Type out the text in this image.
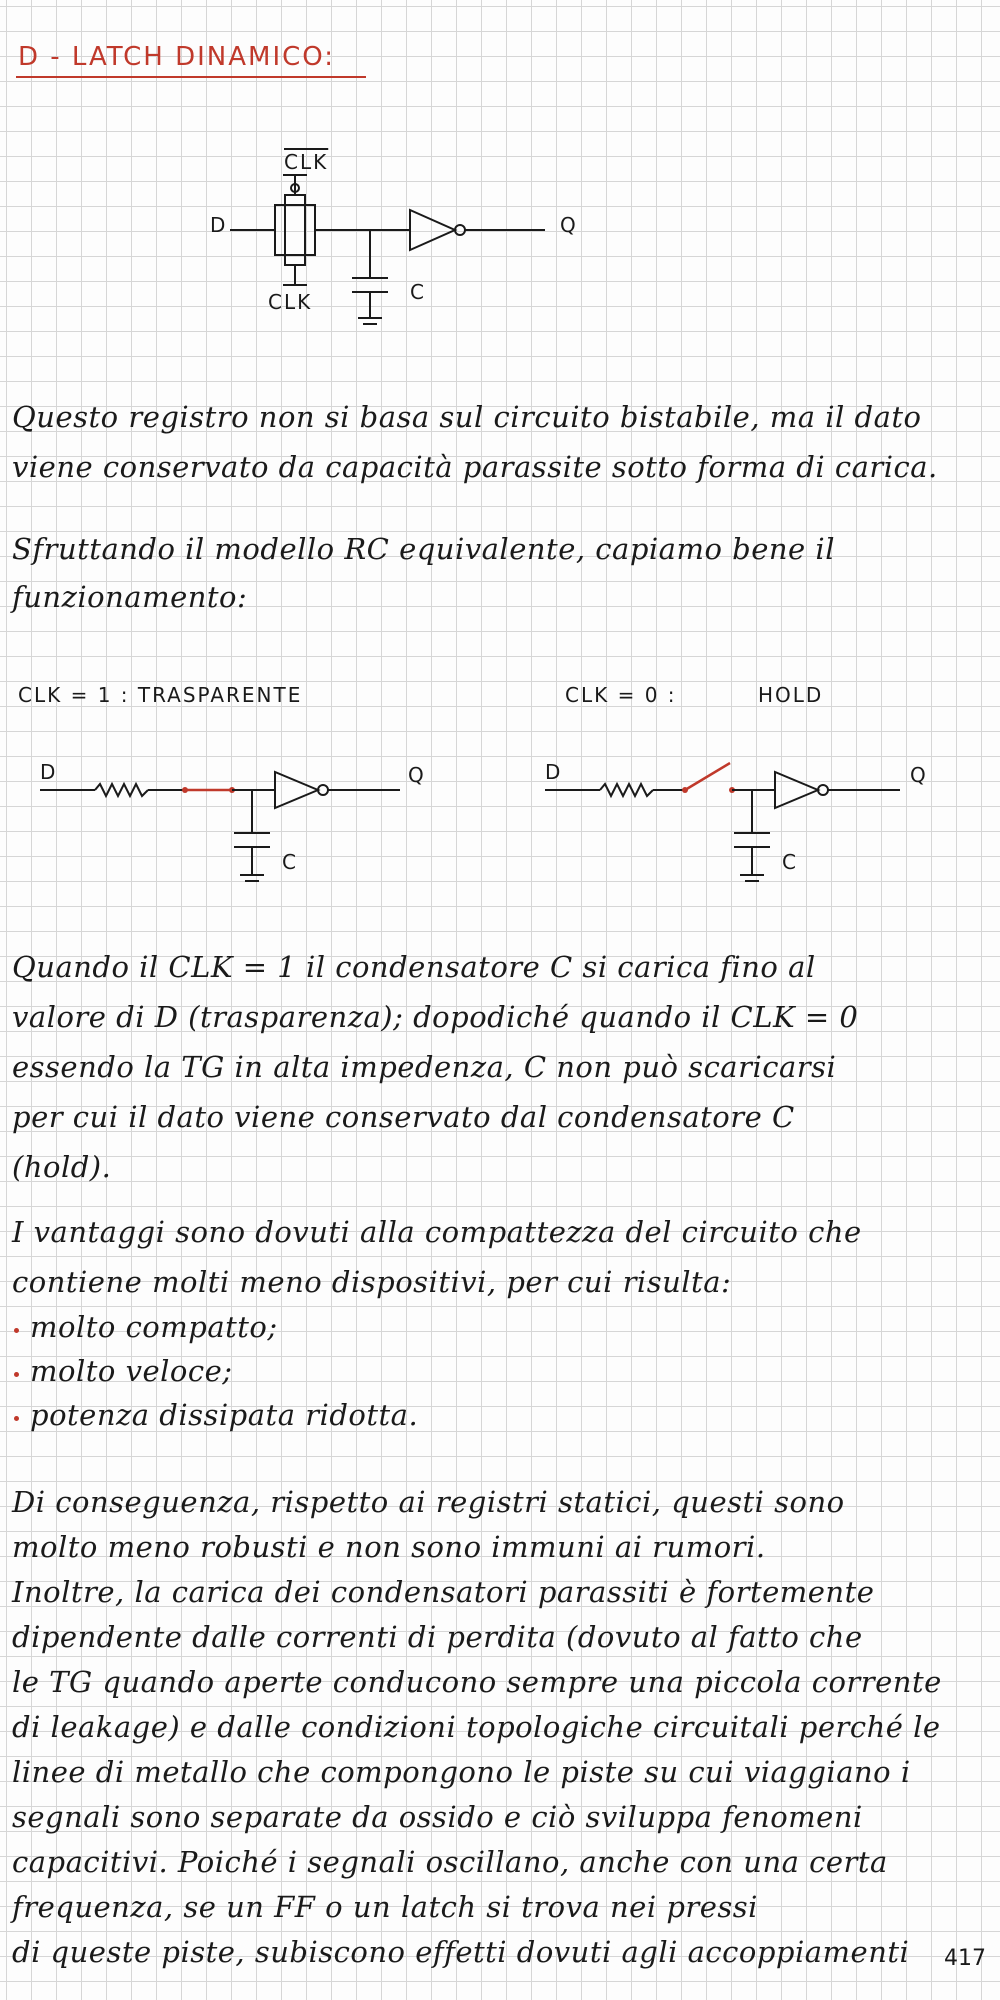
D - LATCH DINAMICO:
$\overline{CLK}$
D	Q
C
CLK
Questo registro non si basa sul circuito bistabile, ma il dato
viene conservato da capacità parassite sotto forma di carica.
Sfruttando il modello RC equivalente, capiamo bene il
funzionamento:
CLK = 1 : TRASPARENTE	CLK = 0 :	HOLD
D	Q
C
D	Q
C
Quando il CLK = 1 il condensatore C si carica fino al
valore di D (trasparenza); dopodiché quando il CLK = 0
essendo la TG in alta impedenza, C non può scaricarsi
per cui il dato viene conservato dal condensatore C
(hold).
I vantaggi sono dovuti alla compattezza del circuito che
contiene molti meno dispositivi, per cui risulta:
molto compatto;
molto veloce;
potenza dissipata ridotta.
Di conseguenza, rispetto ai registri statici, questi sono
molto meno robusti e non sono immuni ai rumori.
Inoltre, la carica dei condensatori parassiti è fortemente
dipendente dalle correnti di perdita (dovuto al fatto che
le TG quando aperte conducono sempre una piccola corrente
di leakage) e dalle condizioni topologiche circuitali perché le
linee di metallo che compongono le piste su cui viaggiano i
segnali sono separate da ossido e ciò sviluppa fenomeni
capacitivi. Poiché i segnali oscillano, anche con una certa
frequenza, se un FF o un latch si trova nei pressi
di queste piste, subiscono effetti dovuti agli accoppiamenti 417
